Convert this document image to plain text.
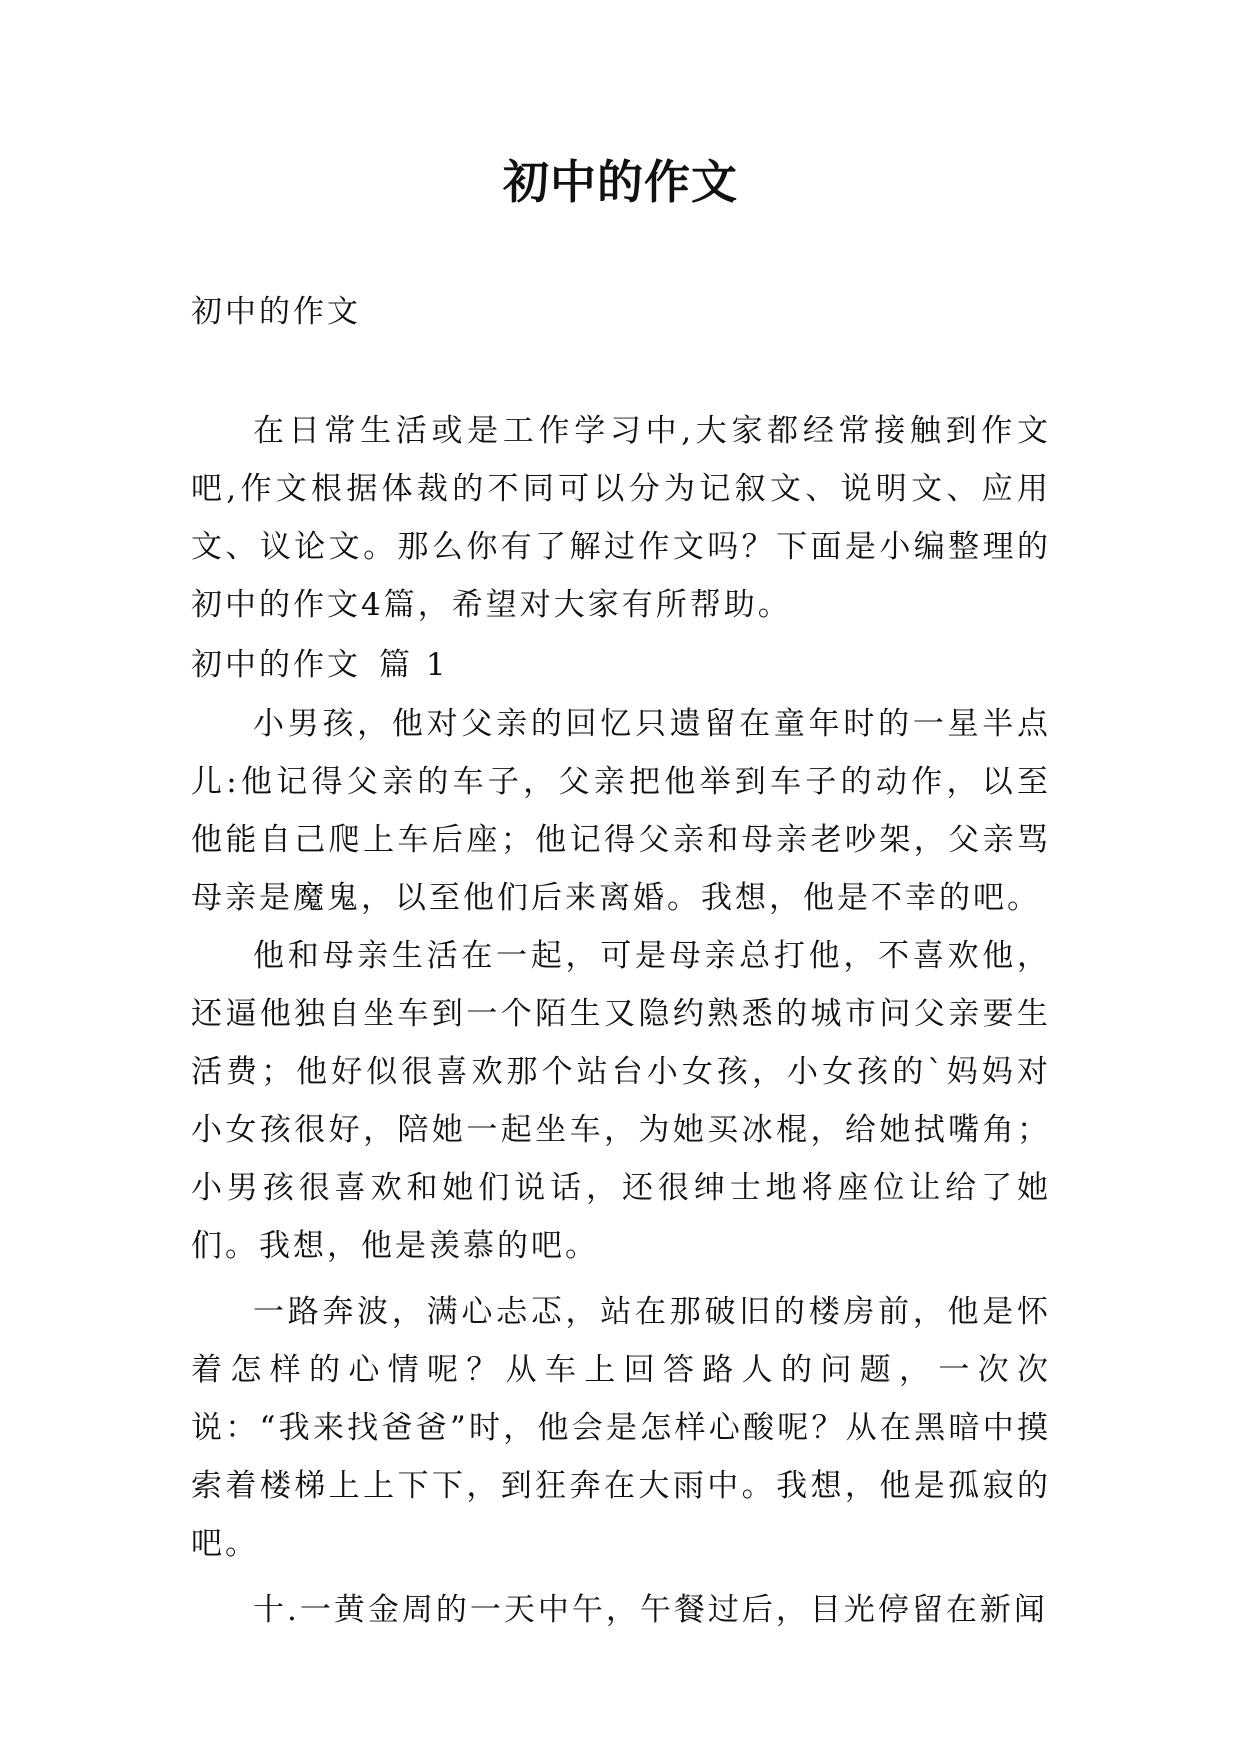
初中的作文
初中的作文

在日常生活或是工作学习中,大家都经常接触到作文吧,作文根据体裁的不同可以分为记叙文、说明文、应用文、议论文。那么你有了解过作文吗？下面是小编整理的初中的作文4篇，希望对大家有所帮助。

初中的作文 篇 1

小男孩，他对父亲的回忆只遗留在童年时的一星半点儿:他记得父亲的车子，父亲把他举到车子的动作，以至他能自己爬上车后座；他记得父亲和母亲老吵架，父亲骂母亲是魔鬼，以至他们后来离婚。我想，他是不幸的吧。

他和母亲生活在一起，可是母亲总打他，不喜欢他，还逼他独自坐车到一个陌生又隐约熟悉的城市问父亲要生活费；他好似很喜欢那个站台小女孩，小女孩的`妈妈对小女孩很好，陪她一起坐车，为她买冰棍，给她拭嘴角；小男孩很喜欢和她们说话，还很绅士地将座位让给了她们。我想，他是羡慕的吧。

一路奔波，满心忐忑，站在那破旧的楼房前，他是怀着怎样的心情呢？从车上回答路人的问题，一次次说：“我来找爸爸”时，他会是怎样心酸呢？从在黑暗中摸索着楼梯上上下下，到狂奔在大雨中。我想，他是孤寂的吧。

十.一黄金周的一天中午，午餐过后，目光停留在新闻
